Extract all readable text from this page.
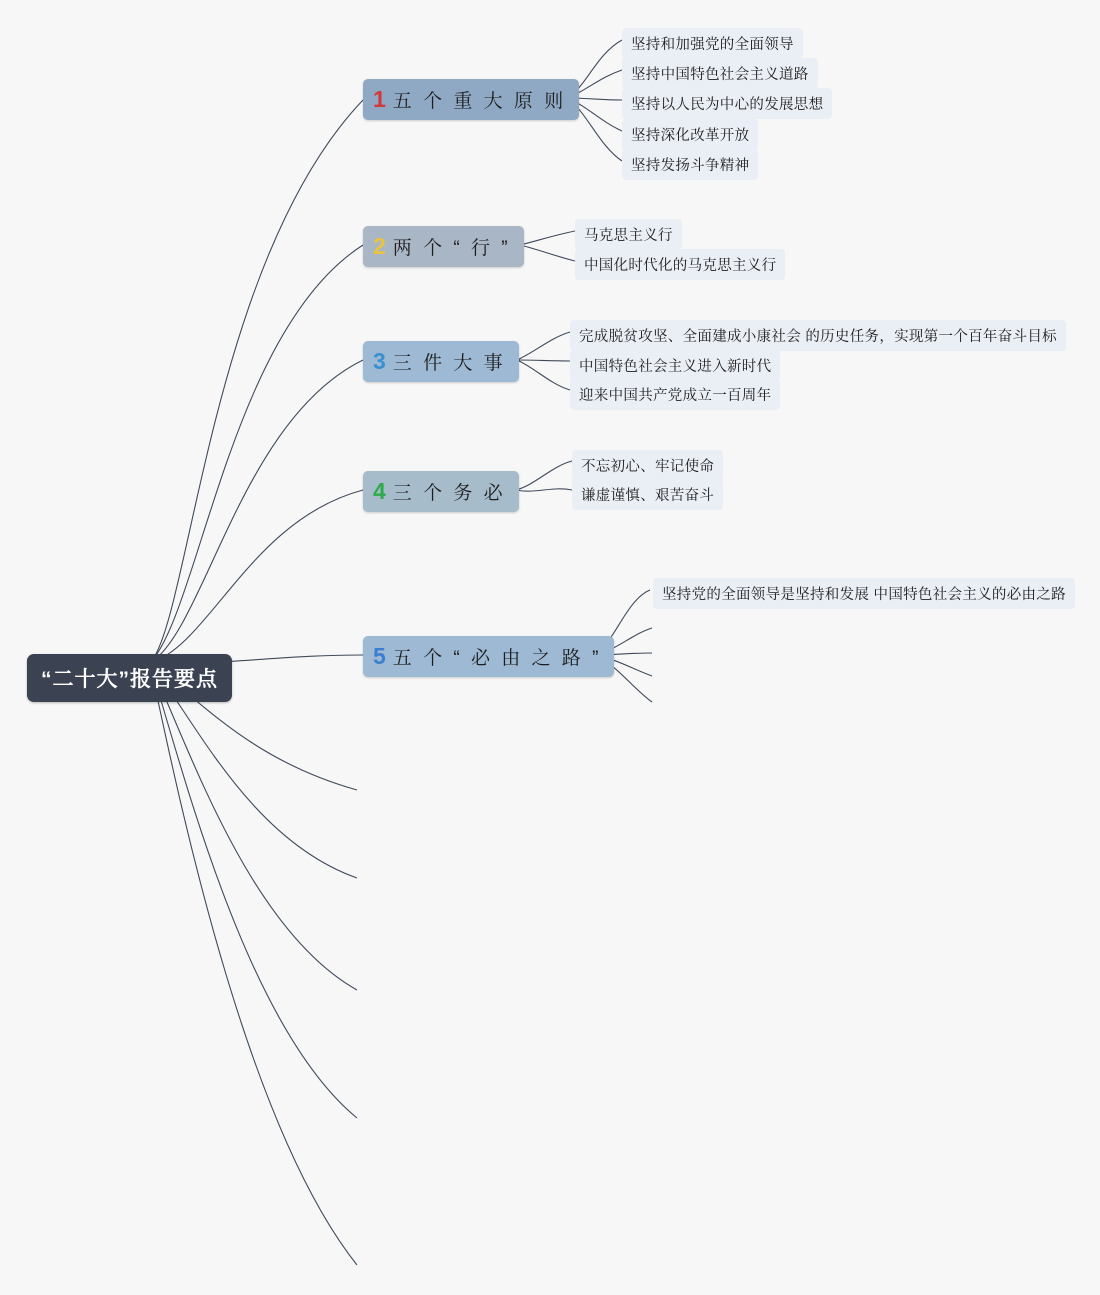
“二十大”报告要点
1 五 个 重 大 原 则
坚持和加强党的全面领导
坚持中国特色社会主义道路
坚持以人民为中心的发展思想
坚持深化改革开放
坚持发扬斗争精神
2 两 个 “ 行 ”
马克思主义行
中国化时代化的马克思主义行
3 三 件 大 事
完成脱贫攻坚、全面建成小康社会 的历史任务，实现第一个百年奋斗目标
中国特色社会主义进入新时代
迎来中国共产党成立一百周年
4 三 个 务 必
不忘初心、牢记使命
谦虚谨慎、艰苦奋斗
5 五 个 “ 必 由 之 路 ”
坚持党的全面领导是坚持和发展 中国特色社会主义的必由之路
